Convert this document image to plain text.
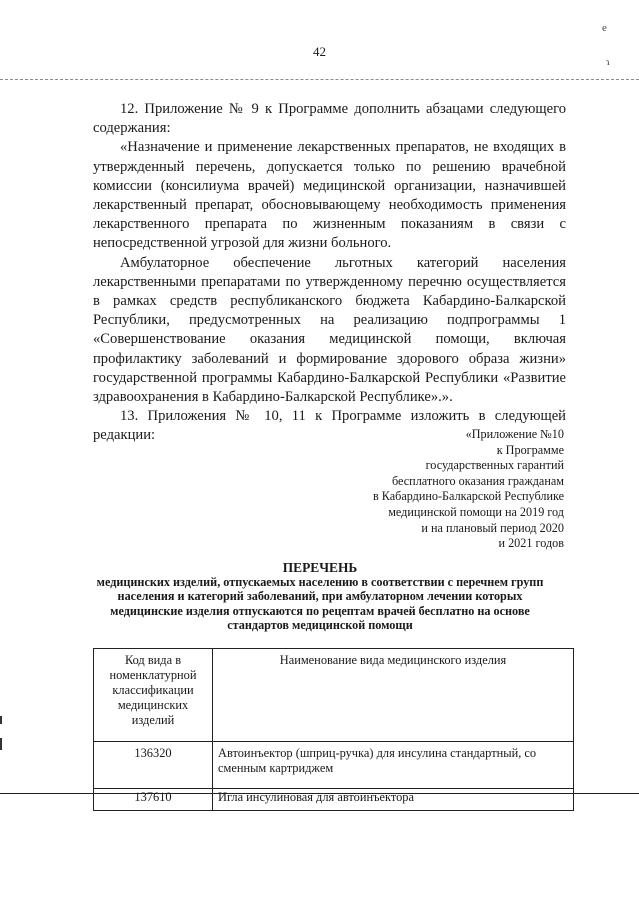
42
e
ɿ

12. Приложение № 9 к Программе дополнить абзацами следующего содержания:

«Назначение и применение лекарственных препаратов, не входящих в утвержденный перечень, допускается только по решению врачебной комиссии (консилиума врачей) медицинской организации, назначившей лекарственный препарат, обосновывающему необходимость применения лекарственного препарата по жизненным показаниям в связи с непосредственной угрозой для жизни больного.

Амбулаторное обеспечение льготных категорий населения лекарственными препаратами по утвержденному перечню осуществляется в рамках средств республиканского бюджета Кабардино-Балкарской Республики, предусмотренных на реализацию подпрограммы 1 «Совершенствование оказания медицинской помощи, включая профилактику заболеваний и формирование здорового образа жизни» государственной программы Кабардино-Балкарской Республики «Развитие здравоохранения в Кабардино-Балкарской Республике».».

13. Приложения № 10, 11 к Программе изложить в следующей редакции:	«Приложение №10
к Программе
государственных гарантий
бесплатного оказания гражданам
в Кабардино-Балкарской Республике
медицинской помощи на 2019 год
и на плановый период 2020
и 2021 годов
ПЕРЕЧЕНЬ
медицинских изделий, отпускаемых населению в соответствии с перечнем групп населения и категорий заболеваний, при амбулаторном лечении которых медицинские изделия отпускаются по рецептам врачей бесплатно на основе стандартов медицинской помощи
Код вида в номенклатурной классификации медицинских изделий	Наименование вида медицинского изделия
136320	Автоинъектор (шприц-ручка) для инсулина стандартный, со сменным картриджем
137610	Игла инсулиновая для автоинъектора
